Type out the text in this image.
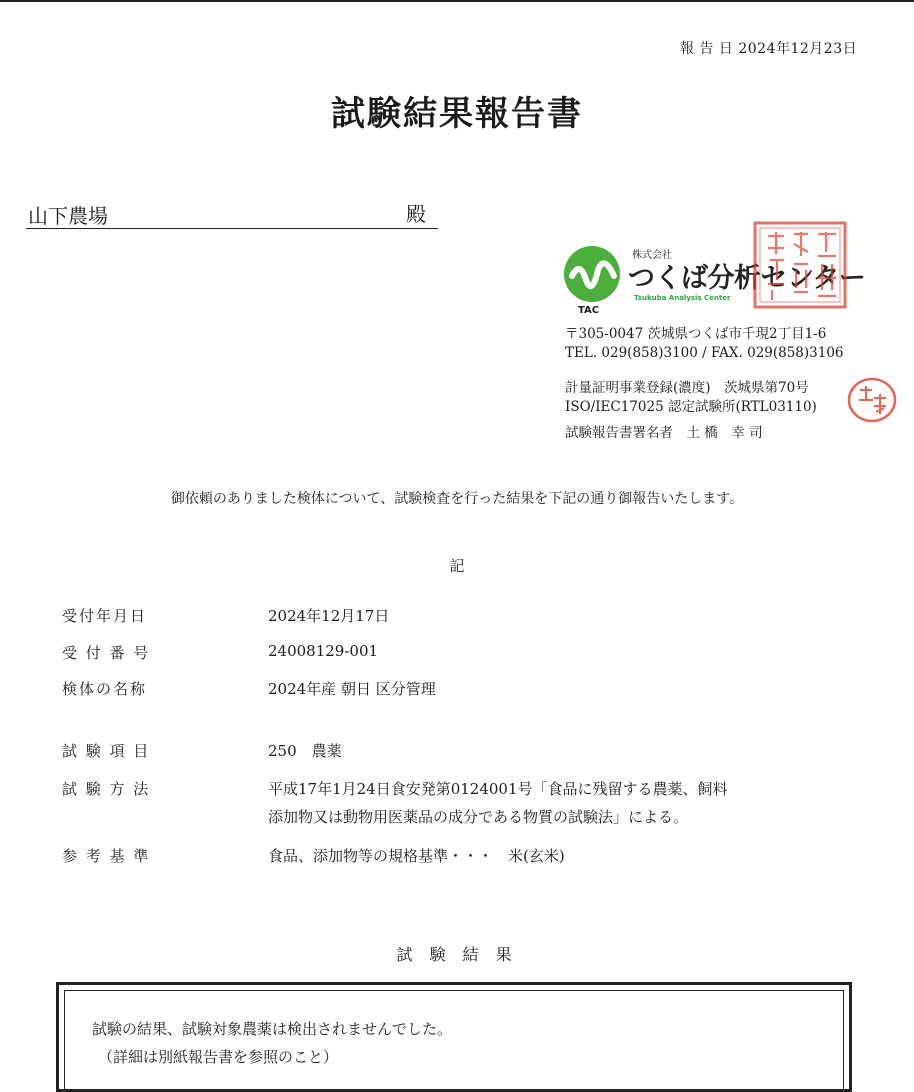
報 告 日 2024年12月23日
試験結果報告書
山下農場	殿
株式会社
つくば分析センター
Tsukuba Analysis Center
TAC
〒305-0047 茨城県つくば市千現2丁目1-6
TEL. 029(858)3100 / FAX. 029(858)3106
計量証明事業登録(濃度)　茨城県第70号
ISO/IEC17025 認定試験所(RTL03110)
試験報告書署名者　 土 橋　幸 司
御依頼のありました検体について、試験検査を行った結果を下記の通り御報告いたします。
記
受付年月日	2024年12月17日
受 付 番 号	24008129-001
検体の名称	2024年産 朝日 区分管理
試 験 項 目	250　農薬
試 験 方 法	平成17年1月24日食安発第0124001号「食品に残留する農薬、飼料
添加物又は動物用医薬品の成分である物質の試験法」による。
参 考 基 準	食品、添加物等の規格基準・・・　米(玄米)
試 験 結 果
試験の結果、試験対象農薬は検出されませんでした。
（詳細は別紙報告書を参照のこと）
